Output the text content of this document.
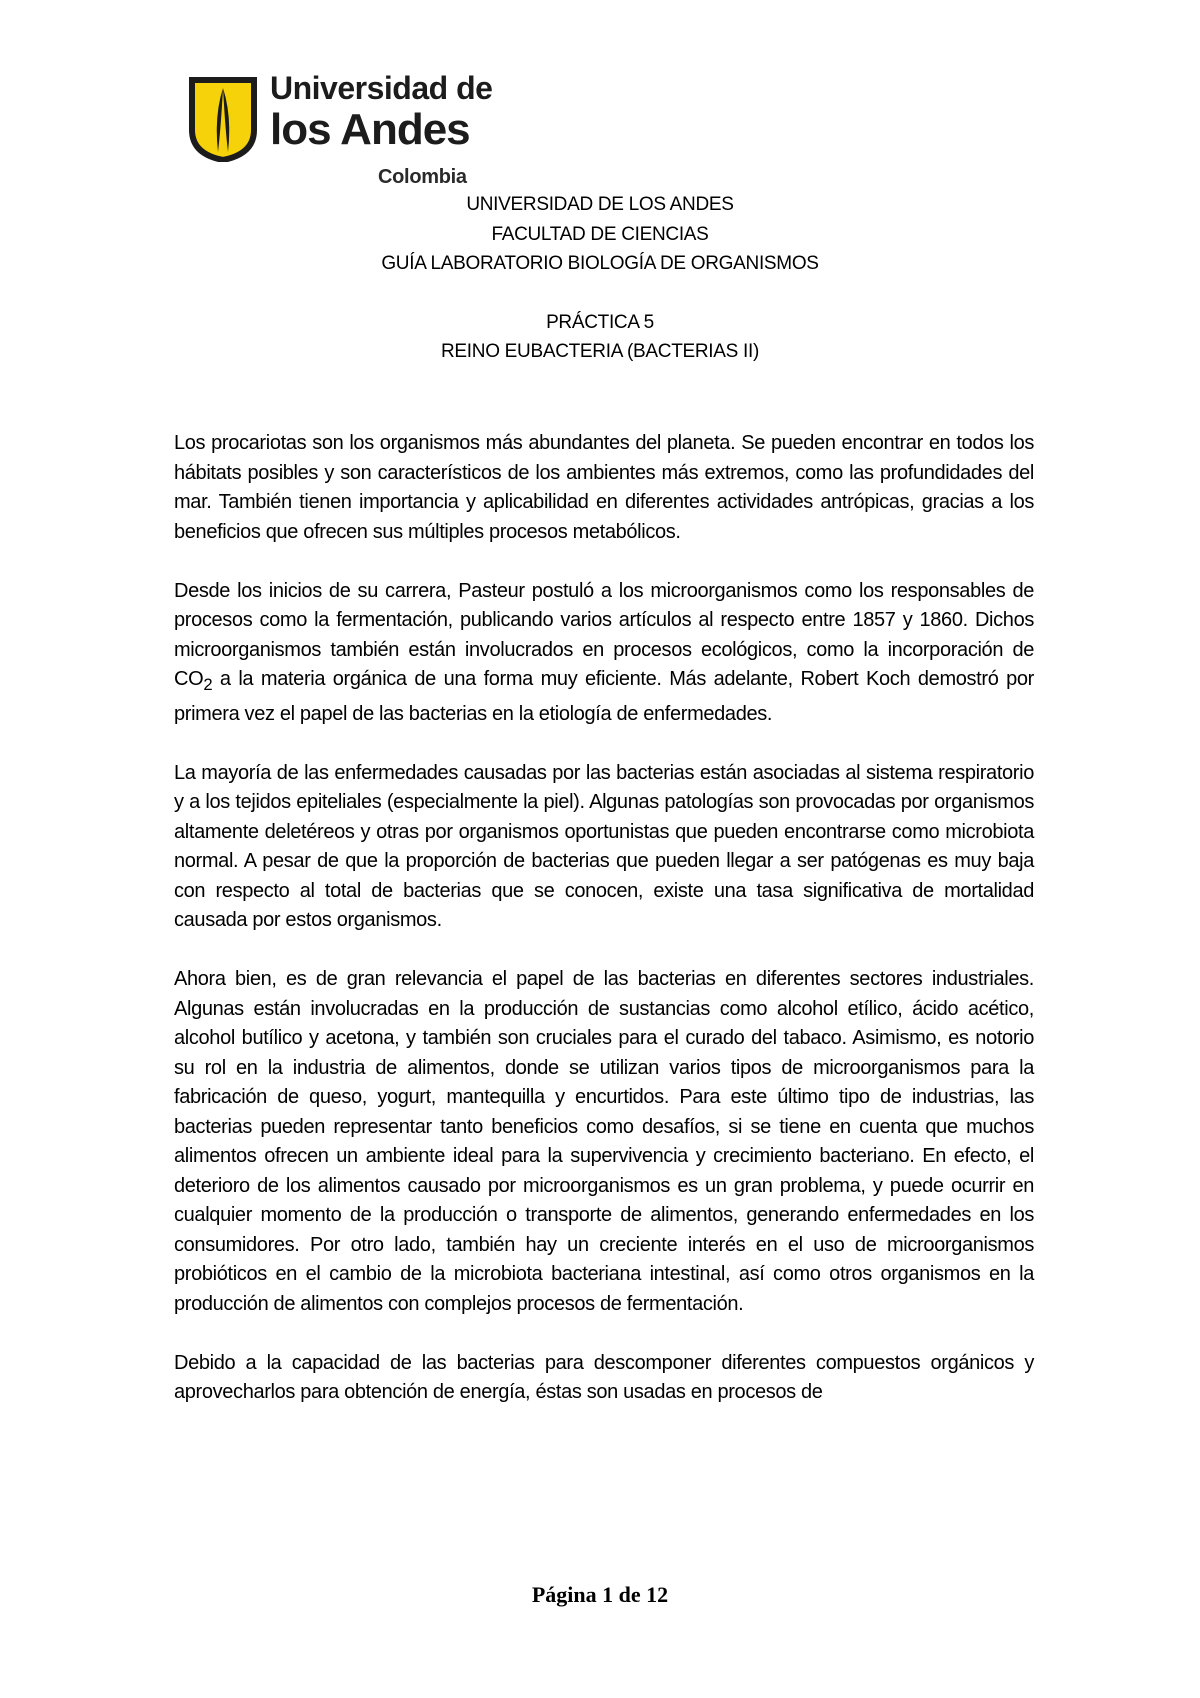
Universidad de
los Andes
Colombia
UNIVERSIDAD DE LOS ANDES
FACULTAD DE CIENCIAS
GUÍA LABORATORIO BIOLOGÍA DE ORGANISMOS
PRÁCTICA 5
REINO EUBACTERIA (BACTERIAS II)

Los procariotas son los organismos más abundantes del planeta. Se pueden encontrar en todos los hábitats posibles y son característicos de los ambientes más extremos, como las profundidades del mar. También tienen importancia y aplicabilidad en diferentes actividades antrópicas, gracias a los beneficios que ofrecen sus múltiples procesos metabólicos.

Desde los inicios de su carrera, Pasteur postuló a los microorganismos como los responsables de procesos como la fermentación, publicando varios artículos al respecto entre 1857 y 1860. Dichos microorganismos también están involucrados en procesos ecológicos, como la incorporación de $CO_2$ a la materia orgánica de una forma muy eficiente. Más adelante, Robert Koch demostró por primera vez el papel de las bacterias en la etiología de enfermedades.

La mayoría de las enfermedades causadas por las bacterias están asociadas al sistema respiratorio y a los tejidos epiteliales (especialmente la piel). Algunas patologías son provocadas por organismos altamente deletéreos y otras por organismos oportunistas que pueden encontrarse como microbiota normal. A pesar de que la proporción de bacterias que pueden llegar a ser patógenas es muy baja con respecto al total de bacterias que se conocen, existe una tasa significativa de mortalidad causada por estos organismos.

Ahora bien, es de gran relevancia el papel de las bacterias en diferentes sectores industriales. Algunas están involucradas en la producción de sustancias como alcohol etílico, ácido acético, alcohol butílico y acetona, y también son cruciales para el curado del tabaco. Asimismo, es notorio su rol en la industria de alimentos, donde se utilizan varios tipos de microorganismos para la fabricación de queso, yogurt, mantequilla y encurtidos. Para este último tipo de industrias, las bacterias pueden representar tanto beneficios como desafíos, si se tiene en cuenta que muchos alimentos ofrecen un ambiente ideal para la supervivencia y crecimiento bacteriano. En efecto, el deterioro de los alimentos causado por microorganismos es un gran problema, y puede ocurrir en cualquier momento de la producción o transporte de alimentos, generando enfermedades en los consumidores. Por otro lado, también hay un creciente interés en el uso de microorganismos probióticos en el cambio de la microbiota bacteriana intestinal, así como otros organismos en la producción de alimentos con complejos procesos de fermentación.

Debido a la capacidad de las bacterias para descomponer diferentes compuestos orgánicos y aprovecharlos para obtención de energía, éstas son usadas en procesos de

Página 1 de 12
